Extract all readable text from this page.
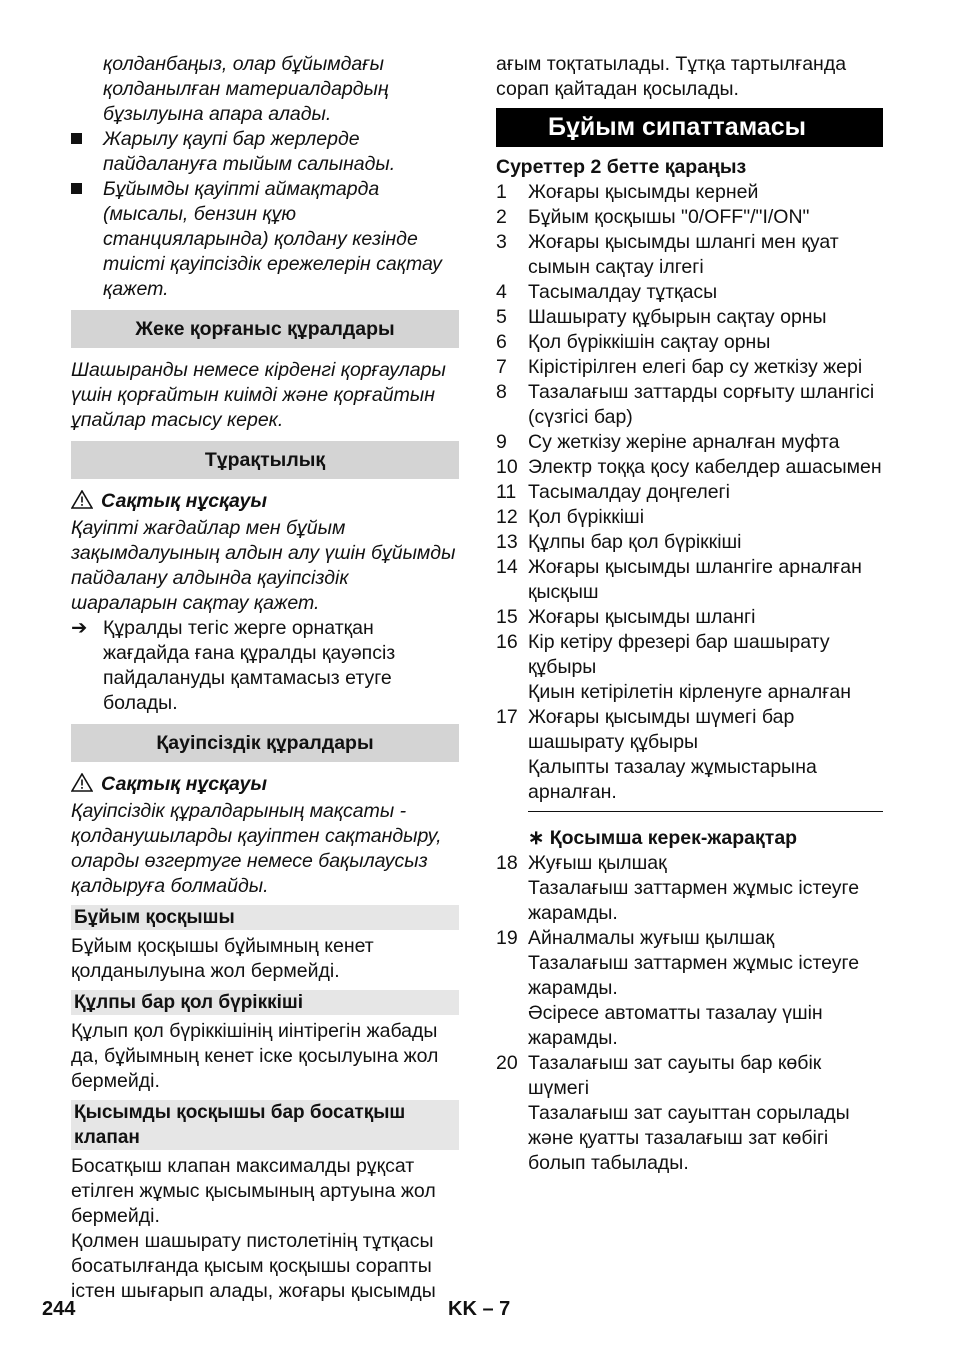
қолданбаңыз, олар бұйымдағы қолданылған материалдардың бұзылуына апара алады.

Жарылу қаупі бар жерлерде пайдалануға тыйым салынады.
Бұйымды қауіпті аймақтарда (мысалы, бензин құю станцияларында) қолдану кезінде тиісті қауіпсіздік ережелерін сақтау қажет.
Жеке қорғаныс құралдары

Шашыранды немесе кірденгі қорғаулары үшін қорғайтын киімді және қорғайтын ұпайлар тасысу керек.

Тұрақтылық
Сақтық нұсқауы

Қауіпті жағдайлар мен бұйым зақымдалуының алдын алу үшін бұйымды пайдалану алдында қауіпсіздік шараларын сақтау қажет.

➔ Құралды тегіс жерге орнатқан жағдайда ғана құралды қауәпсіз пайдалануды қамтамасыз етуге болады.
Қауіпсіздік құралдары
Сақтық нұсқауы

Қауіпсіздік құралдарының мақсаты - қолданушыларды қауіптен сақтандыру, оларды өзгертуге немесе бақылаусыз қалдыруға болмайды.

Бұйым қосқышы

Бұйым қосқышы бұйымның кенет қолданылуына жол бермейді.

Құлпы бар қол бүріккіші

Құлып қол бүріккішінің иінтірегін жабады да, бұйымның кенет іске қосылуына жол бермейді.

Қысымды қосқышы бар босатқыш клапан

Босатқыш клапан максималды рұқсат етілген жұмыс қысымының артуына жол бермейді.

Қолмен шашырату пистолетінің тұтқасы босатылғанда қысым қосқышы сорапты істен шығарып алады, жоғары қысымды

ағым тоқтатылады. Тұтқа тартылғанда сорап қайтадан қосылады.

Бұйым сипаттамасы

Суреттер 2 бетте қараңыз

1 Жоғары қысымды керней
2 Бұйым қосқышы "0/OFF"/"I/ON"
3 Жоғары қысымды шлангі мен қуат сымын сақтау ілгегі
4 Тасымалдау тұтқасы
5 Шашырату құбырын сақтау орны
6 Қол бүріккішін сақтау орны
7 Кірістірілген елегі бар су жеткізу жері
8 Тазалағыш заттарды сорғыту шлангісі (сүзгісі бар)
9 Су жеткізу жеріне арналған муфта
10 Электр тоққа қосу кабелдер ашасымен
11 Тасымалдау доңгелегі
12 Қол бүріккіші
13 Құлпы бар қол бүріккіші
14 Жоғары қысымды шлангіге арналған қысқыш
15 Жоғары қысымды шлангі
16 Кір кетіру фрезері бар шашырату құбыры
Қиын кетірілетін кірленуге арналған
17 Жоғары қысымды шүмегі бар шашырату құбыры
Қалыпты тазалау жұмыстарына арналған.
∗ Қосымша керек-жарақтар
18 Жуғыш қылшақ
Тазалағыш заттармен жұмыс істеуге жарамды.
19 Айналмалы жуғыш қылшақ
Тазалағыш заттармен жұмыс істеуге жарамды.
Әсіресе автоматты тазалау үшін жарамды.
20 Тазалағыш зат сауыты бар көбік шүмегі
Тазалағыш зат сауыттан сорылады және қуатты тазалағыш зат көбігі болып табылады.
244	KK – 7
